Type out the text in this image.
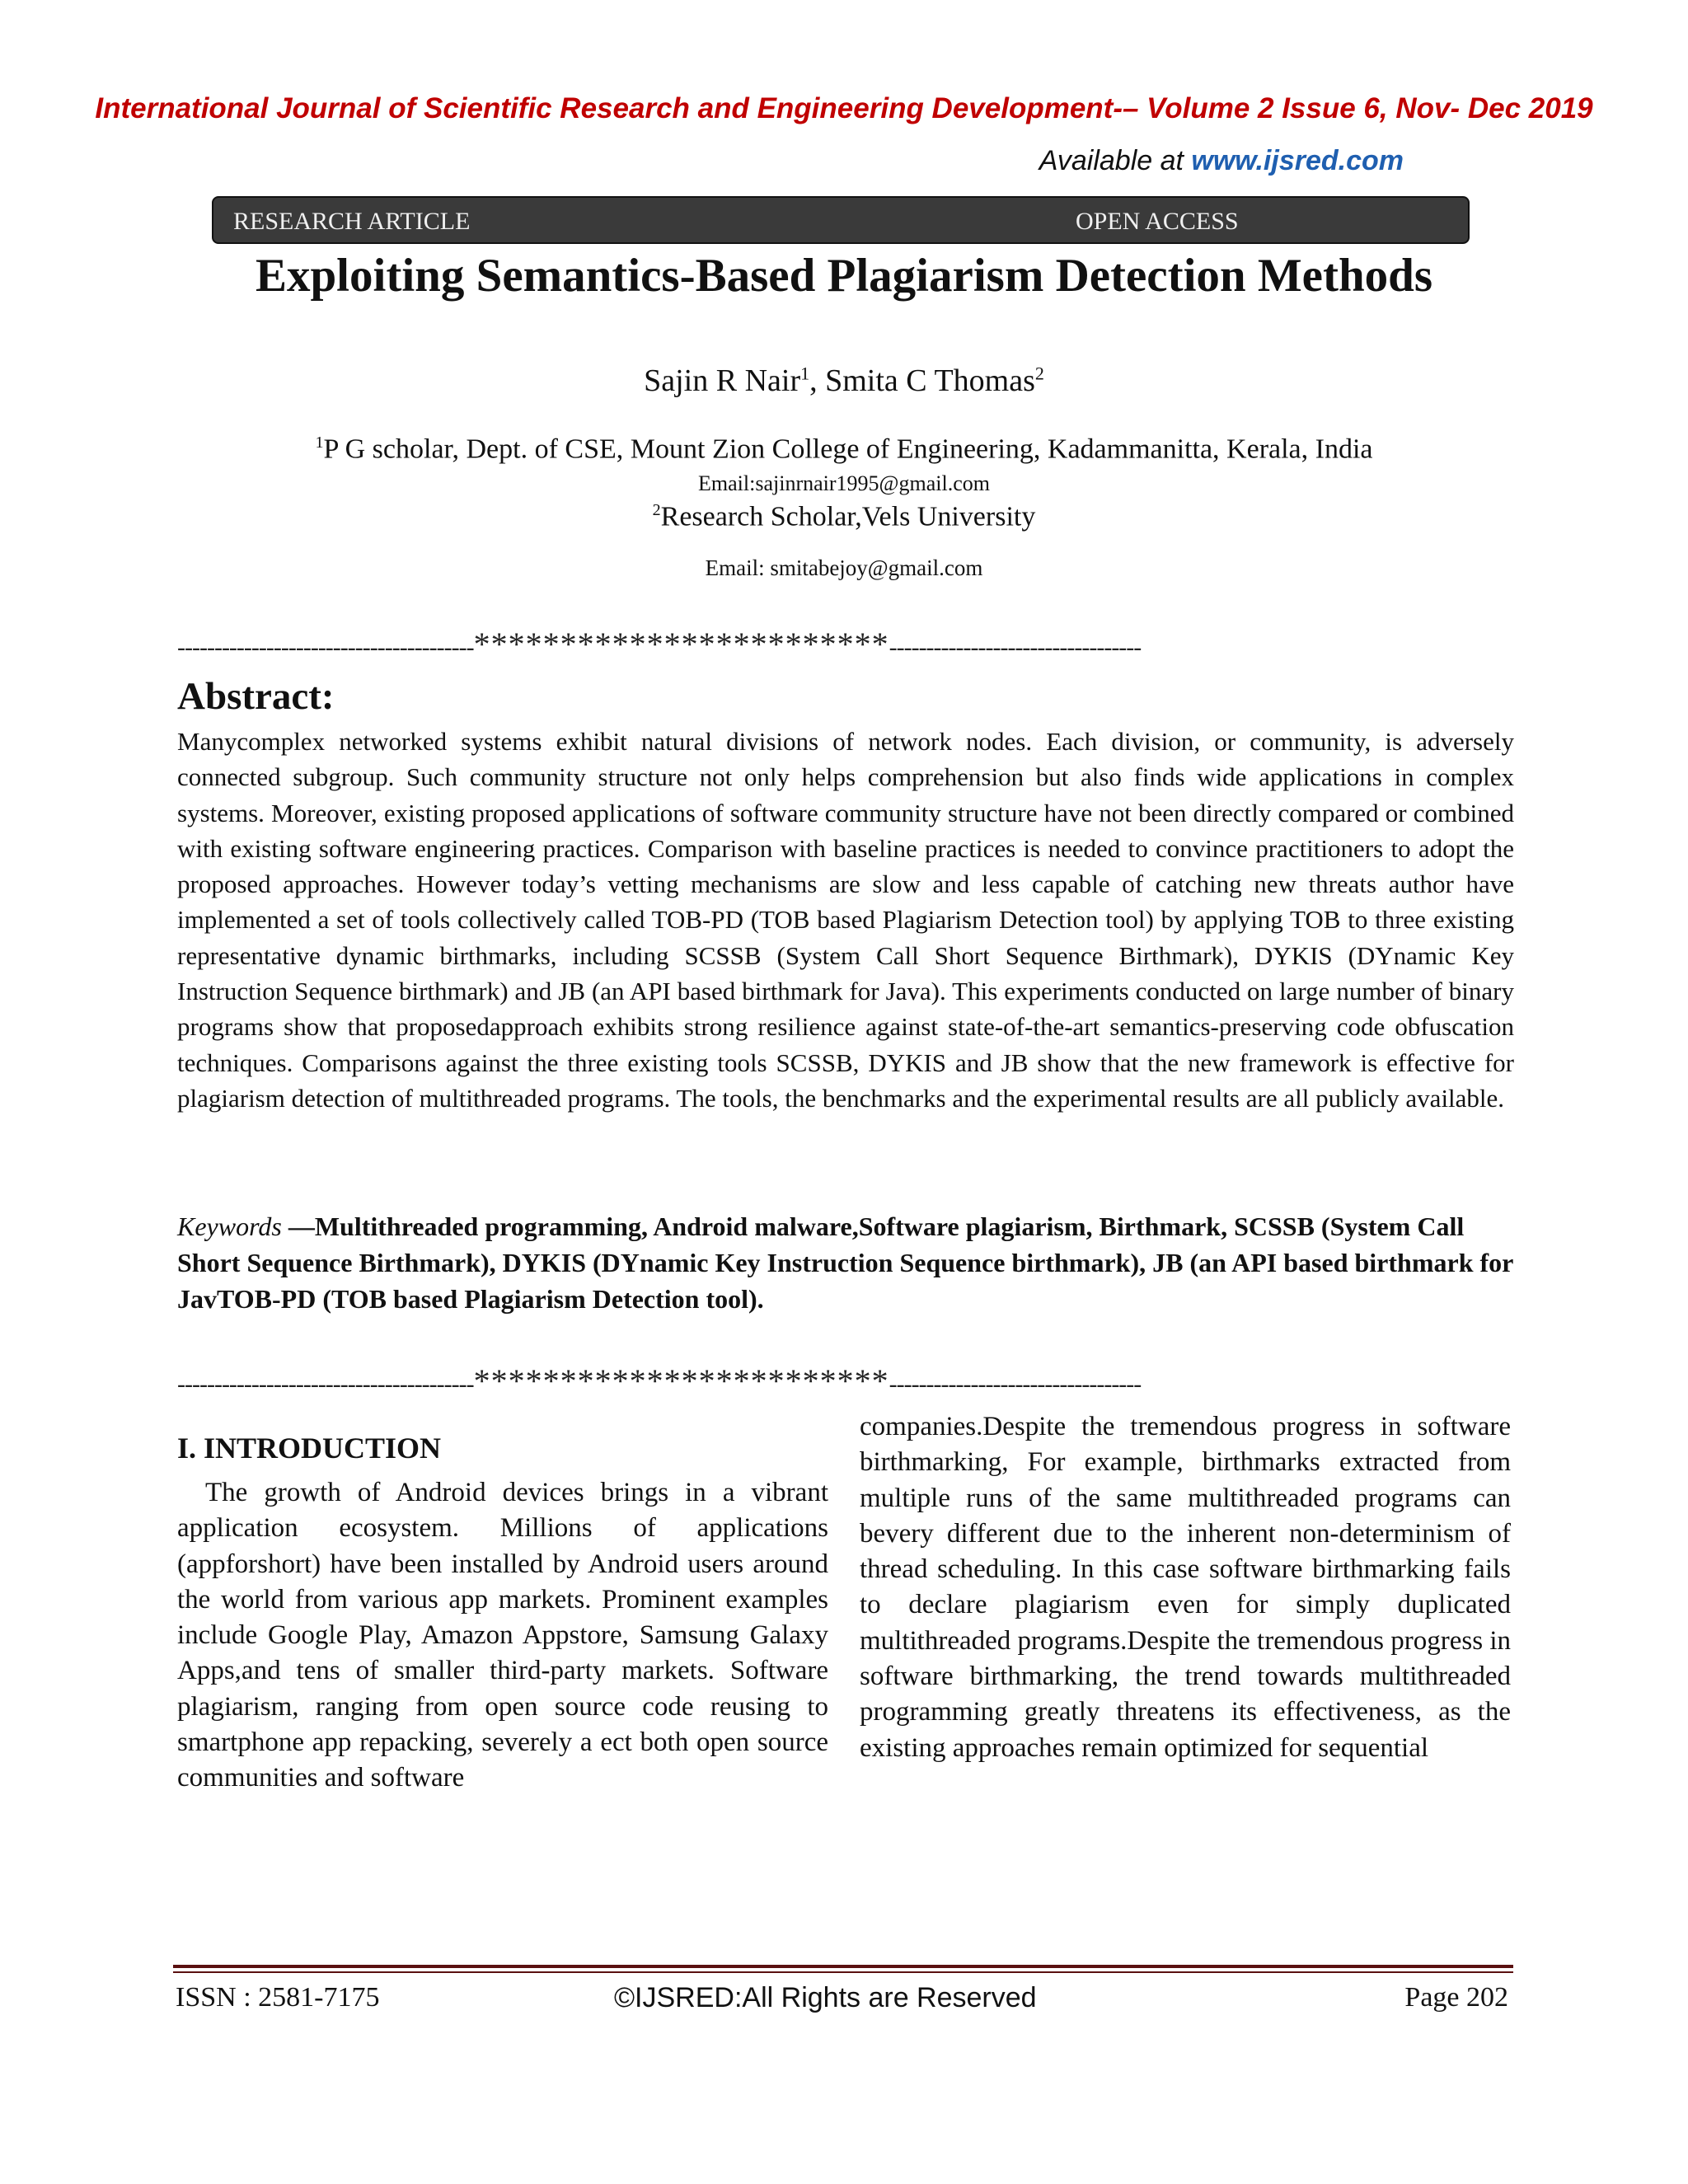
International Journal of Scientific Research and Engineering Development-– Volume 2 Issue 6, Nov- Dec 2019
Available at www.ijsred.com
RESEARCH ARTICLE	OPEN ACCESS
Exploiting Semantics-Based Plagiarism Detection Methods
Sajin R Nair$^1$, Smita C Thomas$^2$
$^1$P G scholar, Dept. of CSE, Mount Zion College of Engineering, Kadammanitta, Kerala, India
Email:sajinrnair1995@gmail.com
$^2$Research Scholar,Vels University
Email: smitabejoy@gmail.com
----------------------------------------************************----------------------------------
Abstract:

Manycomplex networked systems exhibit natural divisions of network nodes. Each division, or community, is adversely connected subgroup. Such community structure not only helps comprehension but also finds wide applications in complex systems. Moreover, existing proposed applications of software community structure have not been directly compared or combined with existing software engineering practices. Comparison with baseline practices is needed to convince practitioners to adopt the proposed approaches. However today’s vetting mechanisms are slow and less capable of catching new threats author have implemented a set of tools collectively called TOB-PD (TOB based Plagiarism Detection tool) by applying TOB to three existing representative dynamic birthmarks, including SCSSB (System Call Short Sequence Birthmark), DYKIS (DYnamic Key Instruction Sequence birthmark) and JB (an API based birthmark for Java). This experiments conducted on large number of binary programs show that proposedapproach exhibits strong resilience against state-of-the-art semantics-preserving code obfuscation techniques. Comparisons against the three existing tools SCSSB, DYKIS and JB show that the new framework is effective for plagiarism detection of multithreaded programs. The tools, the benchmarks and the experimental results are all publicly available.

Keywords —Multithreaded programming, Android malware,Software plagiarism, Birthmark, SCSSB (System Call Short Sequence Birthmark), DYKIS (DYnamic Key Instruction Sequence birthmark), JB (an API based birthmark for JavTOB-PD (TOB based Plagiarism Detection tool).

----------------------------------------************************----------------------------------
I. INTRODUCTION

The growth of Android devices brings in a vibrant application ecosystem. Millions of applications (appforshort) have been installed by Android users around the world from various app markets. Prominent examples include Google Play, Amazon Appstore, Samsung Galaxy Apps,and tens of smaller third-party markets. Software plagiarism, ranging from open source code reusing to smartphone app repacking, severely a ect both open source communities and software

companies.Despite the tremendous progress in software birthmarking, For example, birthmarks extracted from multiple runs of the same multithreaded programs can bevery different due to the inherent non-determinism of thread scheduling. In this case software birthmarking fails to declare plagiarism even for simply duplicated multithreaded programs.Despite the tremendous progress in software birthmarking, the trend towards multithreaded programming greatly threatens its effectiveness, as the existing approaches remain optimized for sequential

ISSN : 2581-7175	©IJSRED:All Rights are Reserved	Page 202
